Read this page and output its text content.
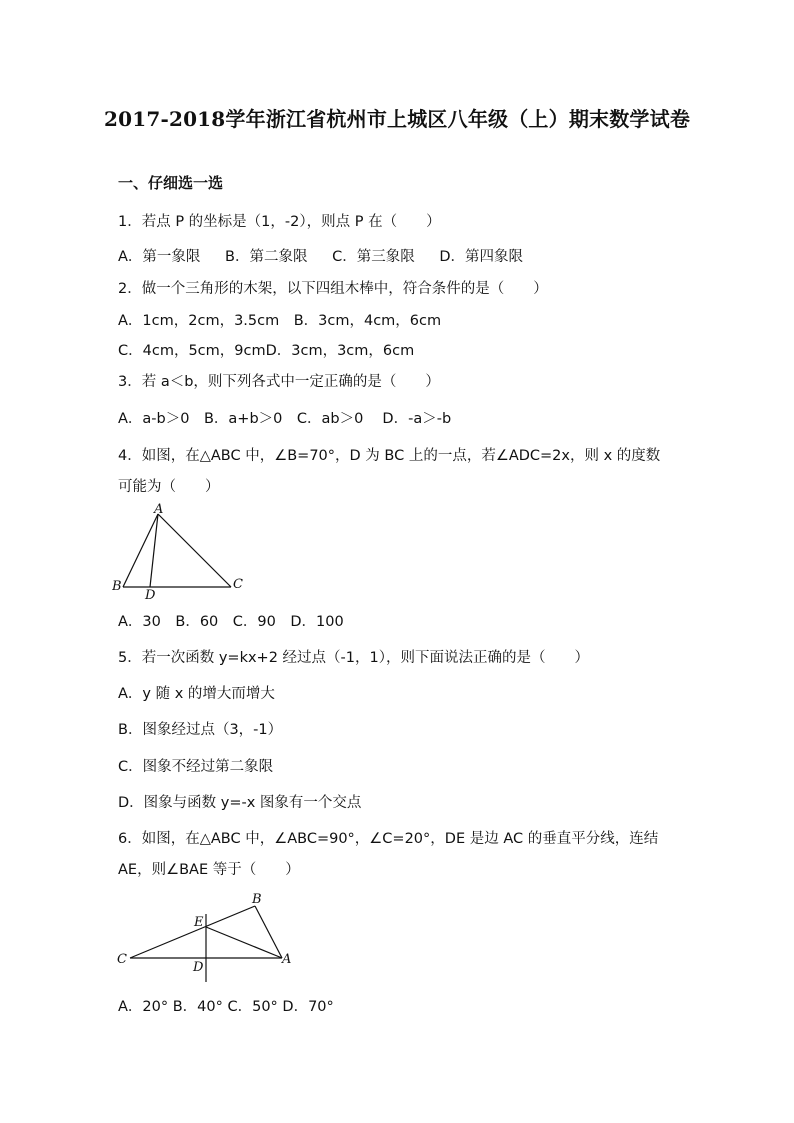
2017-2018学年浙江省杭州市上城区八年级（上）期末数学试卷
一、仔细选一选
1．若点 P 的坐标是（1，-2），则点 P 在（　　）
A．第一象限 B．第二象限 C．第三象限 D．第四象限
2．做一个三角形的木架，以下四组木棒中，符合条件的是（　　）
A．1cm，2cm，3.5cm　B．3cm，4cm，6cm
C．4cm，5cm，9cmD．3cm，3cm，6cm
3．若 a＜b，则下列各式中一定正确的是（　　）
A．a-b＞0　B．a+b＞0　C．ab＞0　 D．-a＞-b
4．如图，在△ABC 中，∠B=70°，D 为 BC 上的一点，若∠ADC=2x，则 x 的度数
可能为（　　）
A
B	C
D
A．30　B．60　C．90　D．100
5．若一次函数 y=kx+2 经过点（-1，1），则下面说法正确的是（　　）
A．y 随 x 的增大而增大
B．图象经过点（3，-1）
C．图象不经过第二象限
D．图象与函数 y=-x 图象有一个交点
6．如图，在△ABC 中，∠ABC=90°，∠C=20°，DE 是边 AC 的垂直平分线，连结
AE，则∠BAE 等于（　　）
B
E
C
D
A
A．20° B．40° C．50° D．70°
